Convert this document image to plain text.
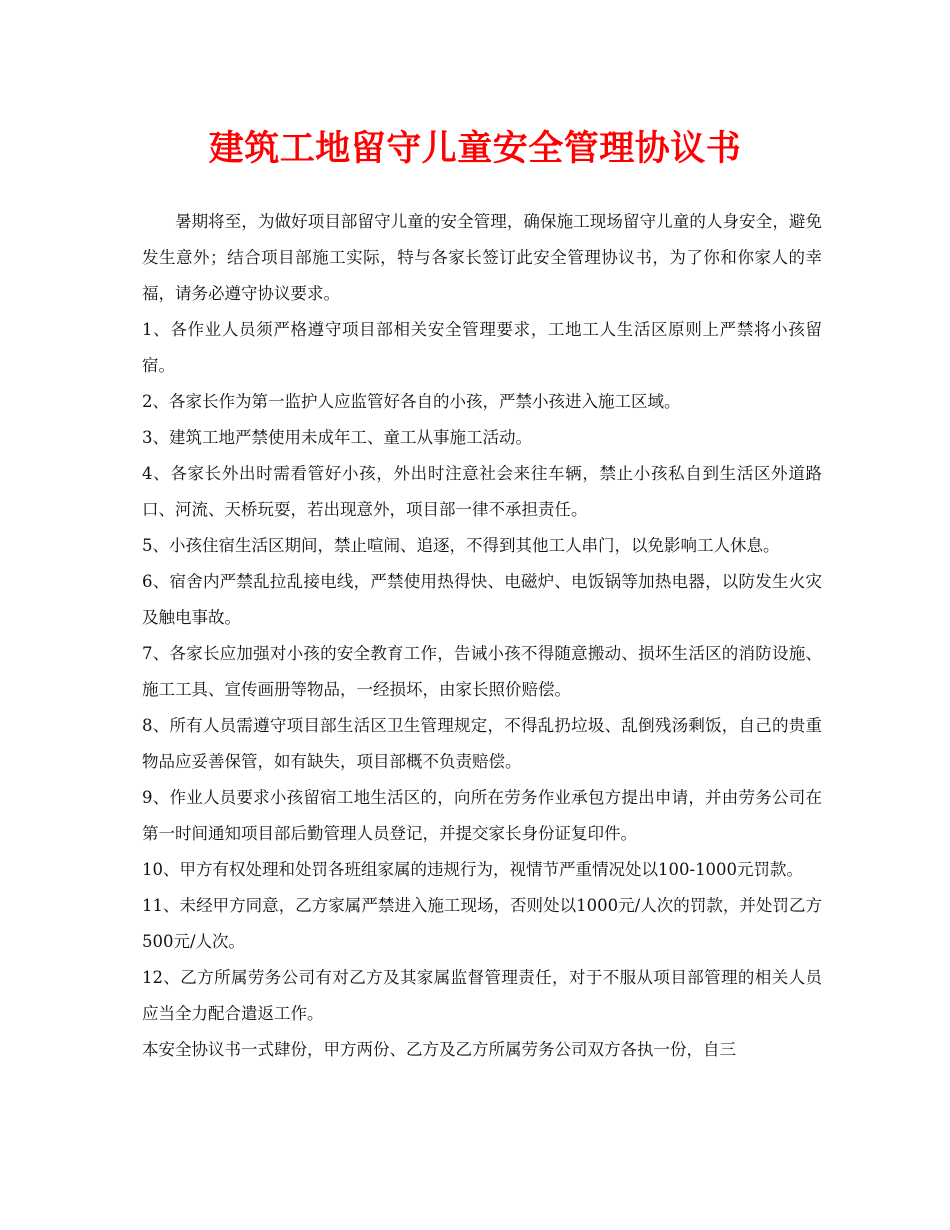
建筑工地留守儿童安全管理协议书

暑期将至，为做好项目部留守儿童的安全管理，确保施工现场留守儿童的人身安全，避免发生意外；结合项目部施工实际，特与各家长签订此安全管理协议书，为了你和你家人的幸福，请务必遵守协议要求。

1、各作业人员须严格遵守项目部相关安全管理要求，工地工人生活区原则上严禁将小孩留宿。

2、各家长作为第一监护人应监管好各自的小孩，严禁小孩进入施工区域。

3、建筑工地严禁使用未成年工、童工从事施工活动。

4、各家长外出时需看管好小孩，外出时注意社会来往车辆，禁止小孩私自到生活区外道路口、河流、天桥玩耍，若出现意外，项目部一律不承担责任。

5、小孩住宿生活区期间，禁止喧闹、追逐，不得到其他工人串门，以免影响工人休息。

6、宿舍内严禁乱拉乱接电线，严禁使用热得快、电磁炉、电饭锅等加热电器，以防发生火灾及触电事故。

7、各家长应加强对小孩的安全教育工作，告诫小孩不得随意搬动、损坏生活区的消防设施、施工工具、宣传画册等物品，一经损坏，由家长照价赔偿。

8、所有人员需遵守项目部生活区卫生管理规定，不得乱扔垃圾、乱倒残汤剩饭，自己的贵重物品应妥善保管，如有缺失，项目部概不负责赔偿。

9、作业人员要求小孩留宿工地生活区的，向所在劳务作业承包方提出申请，并由劳务公司在第一时间通知项目部后勤管理人员登记，并提交家长身份证复印件。

10、甲方有权处理和处罚各班组家属的违规行为，视情节严重情况处以100-1000元罚款。

11、未经甲方同意，乙方家属严禁进入施工现场，否则处以1000元/人次的罚款，并处罚乙方500元/人次。

12、乙方所属劳务公司有对乙方及其家属监督管理责任，对于不服从项目部管理的相关人员应当全力配合遣返工作。

本安全协议书一式肆份，甲方两份、乙方及乙方所属劳务公司双方各执一份，自三
